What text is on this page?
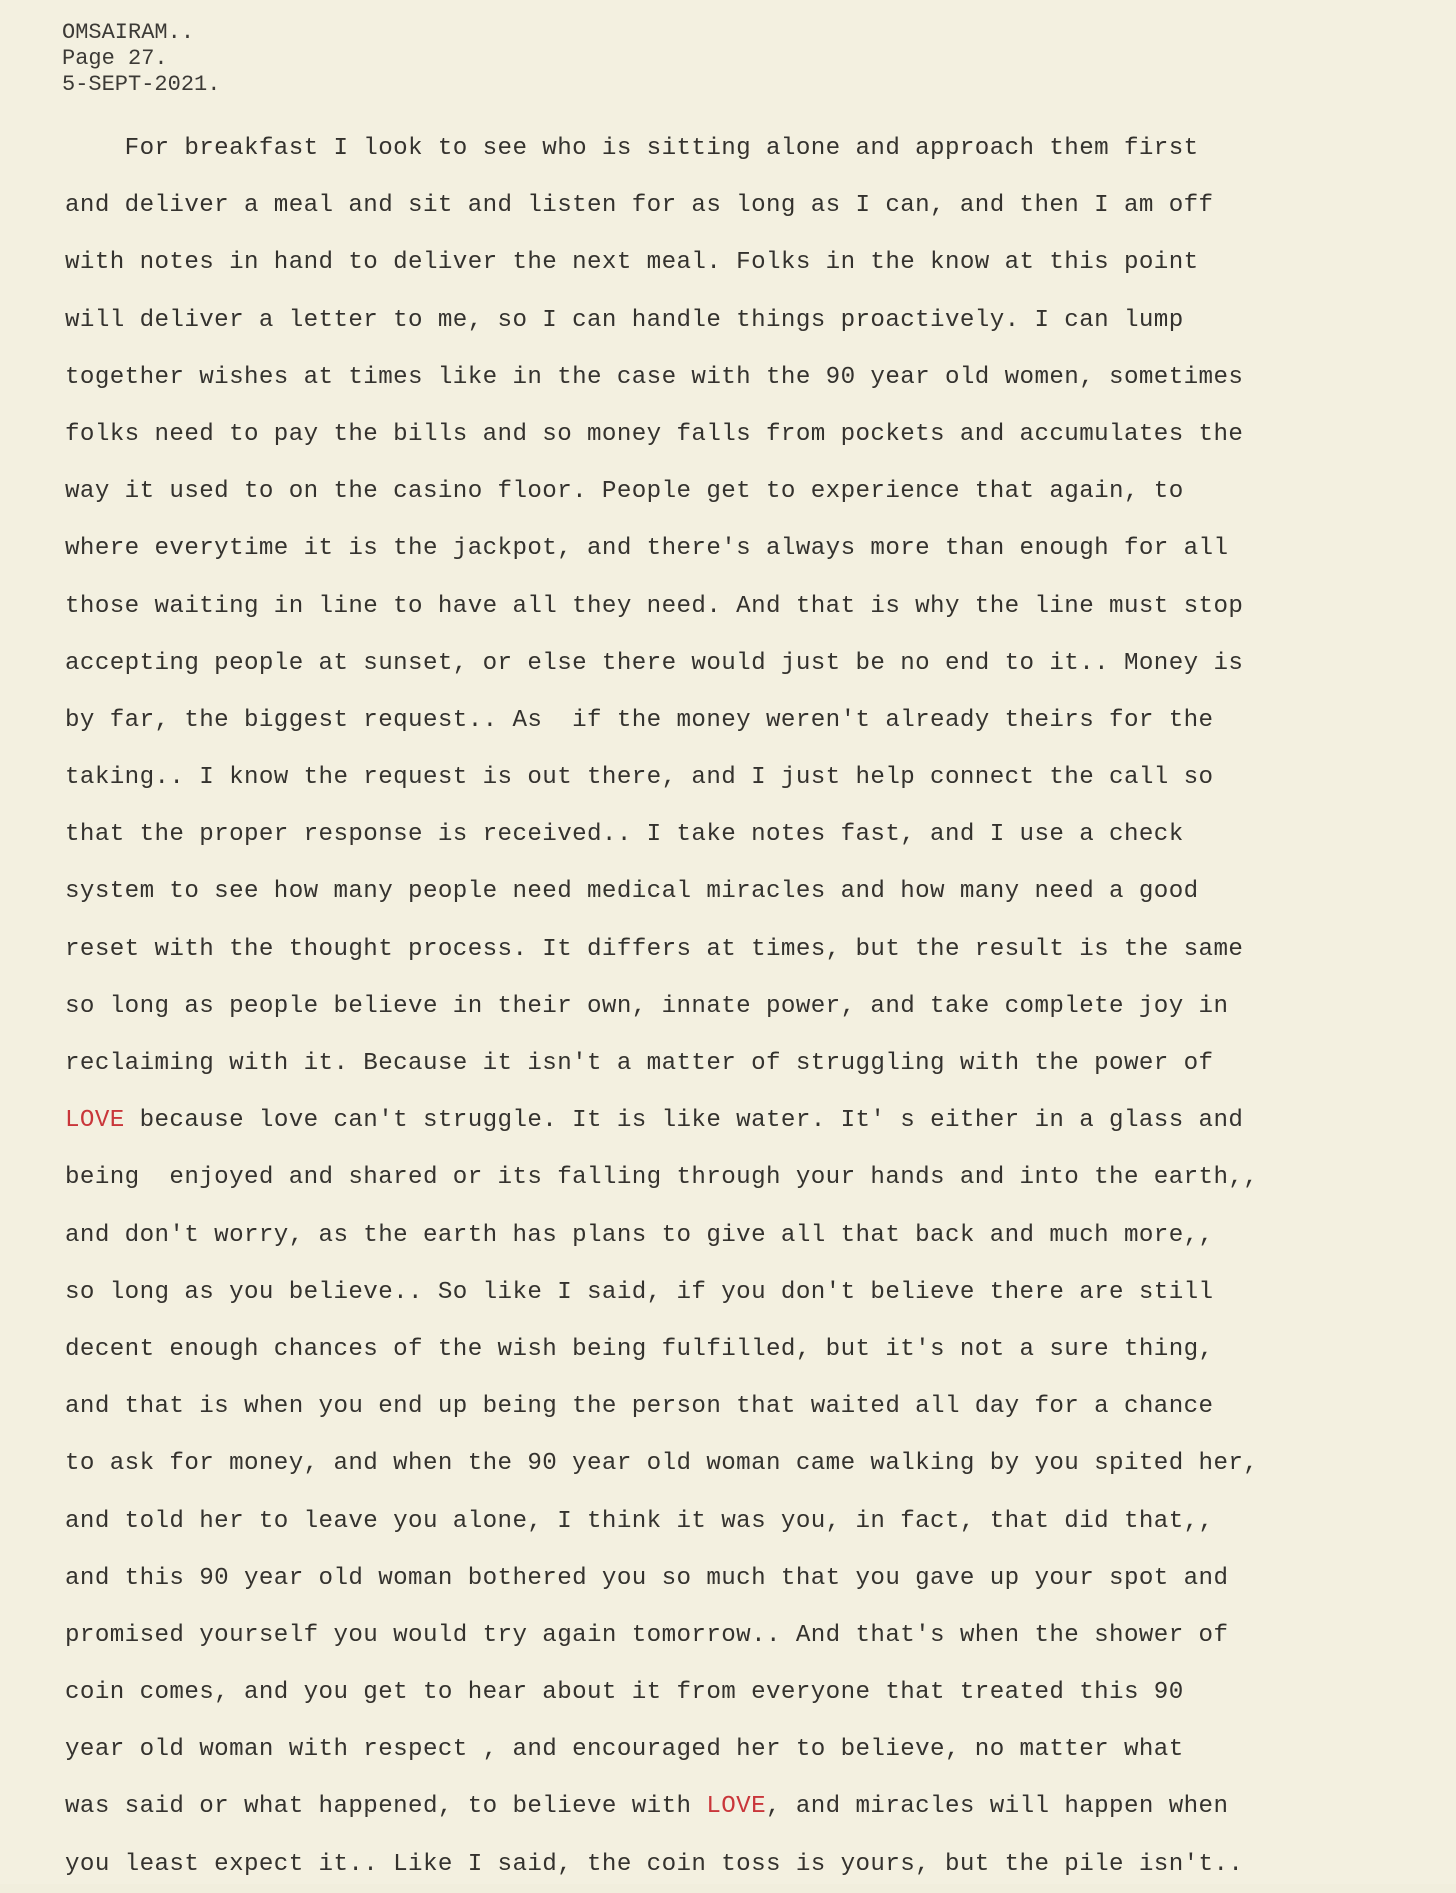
OMSAIRAM..
Page 27.
5-SEPT-2021.
For breakfast I look to see who is sitting alone and approach them first
and deliver a meal and sit and listen for as long as I can, and then I am off
with notes in hand to deliver the next meal. Folks in the know at this point
will deliver a letter to me, so I can handle things proactively. I can lump
together wishes at times like in the case with the 90 year old women, sometimes
folks need to pay the bills and so money falls from pockets and accumulates the
way it used to on the casino floor. People get to experience that again, to
where everytime it is the jackpot, and there's always more than enough for all
those waiting in line to have all they need. And that is why the line must stop
accepting people at sunset, or else there would just be no end to it.. Money is
by far, the biggest request.. As  if the money weren't already theirs for the
taking.. I know the request is out there, and I just help connect the call so
that the proper response is received.. I take notes fast, and I use a check
system to see how many people need medical miracles and how many need a good
reset with the thought process. It differs at times, but the result is the same
so long as people believe in their own, innate power, and take complete joy in
reclaiming with it. Because it isn't a matter of struggling with the power of
LOVE because love can't struggle. It is like water. It' s either in a glass and
being  enjoyed and shared or its falling through your hands and into the earth,,
and don't worry, as the earth has plans to give all that back and much more,,
so long as you believe.. So like I said, if you don't believe there are still
decent enough chances of the wish being fulfilled, but it's not a sure thing,
and that is when you end up being the person that waited all day for a chance
to ask for money, and when the 90 year old woman came walking by you spited her,
and told her to leave you alone, I think it was you, in fact, that did that,,
and this 90 year old woman bothered you so much that you gave up your spot and
promised yourself you would try again tomorrow.. And that's when the shower of
coin comes, and you get to hear about it from everyone that treated this 90
year old woman with respect , and encouraged her to believe, no matter what
was said or what happened, to believe with LOVE, and miracles will happen when
you least expect it.. Like I said, the coin toss is yours, but the pile isn't..
